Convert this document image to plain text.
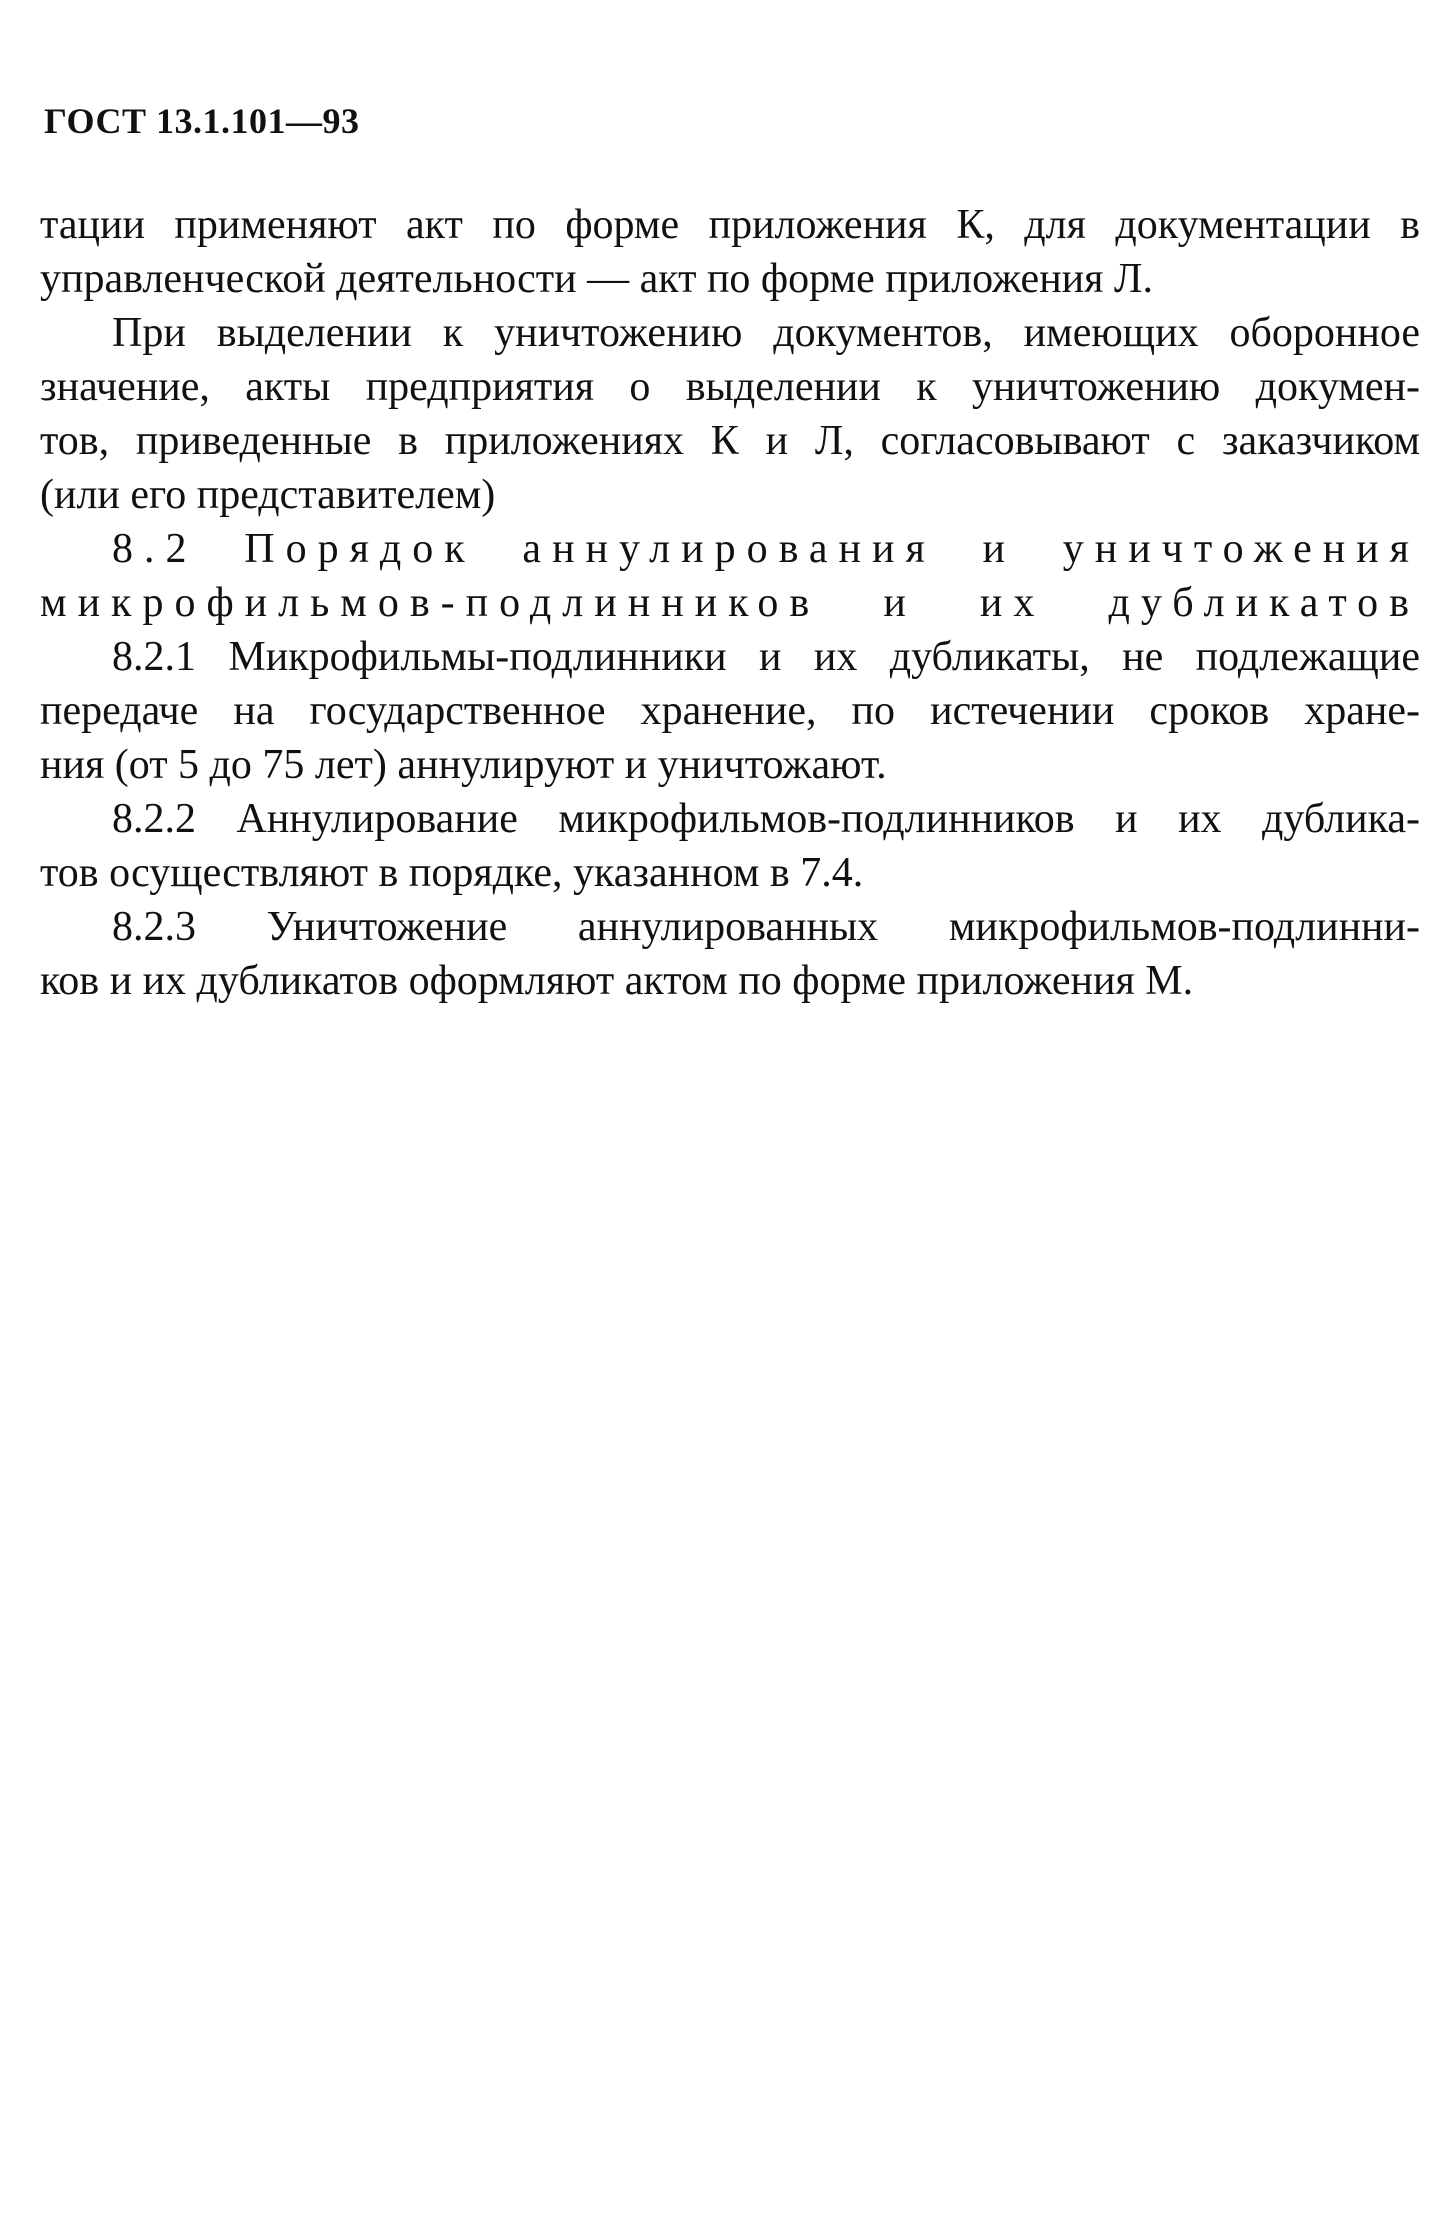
ГОСТ 13.1.101—93
тации применяют акт по форме приложения К, для документации в
управленческой деятельности — акт по форме приложения Л.
При выделении к уничтожению документов, имеющих оборонное
значение, акты предприятия о выделении к уничтожению докумен-
тов, приведенные в приложениях К и Л, согласовывают с заказчиком
(или его представителем)
8.2 Порядок аннулирования и уничтожения
микрофильмов-подлинников и их дубликатов
8.2.1 Микрофильмы-подлинники и их дубликаты, не подлежащие
передаче на государственное хранение, по истечении сроков хране-
ния (от 5 до 75 лет) аннулируют и уничтожают.
8.2.2 Аннулирование микрофильмов-подлинников и их дублика-
тов осуществляют в порядке, указанном в 7.4.
8.2.3 Уничтожение аннулированных микрофильмов-подлинни-
ков и их дубликатов оформляют актом по форме приложения М.
